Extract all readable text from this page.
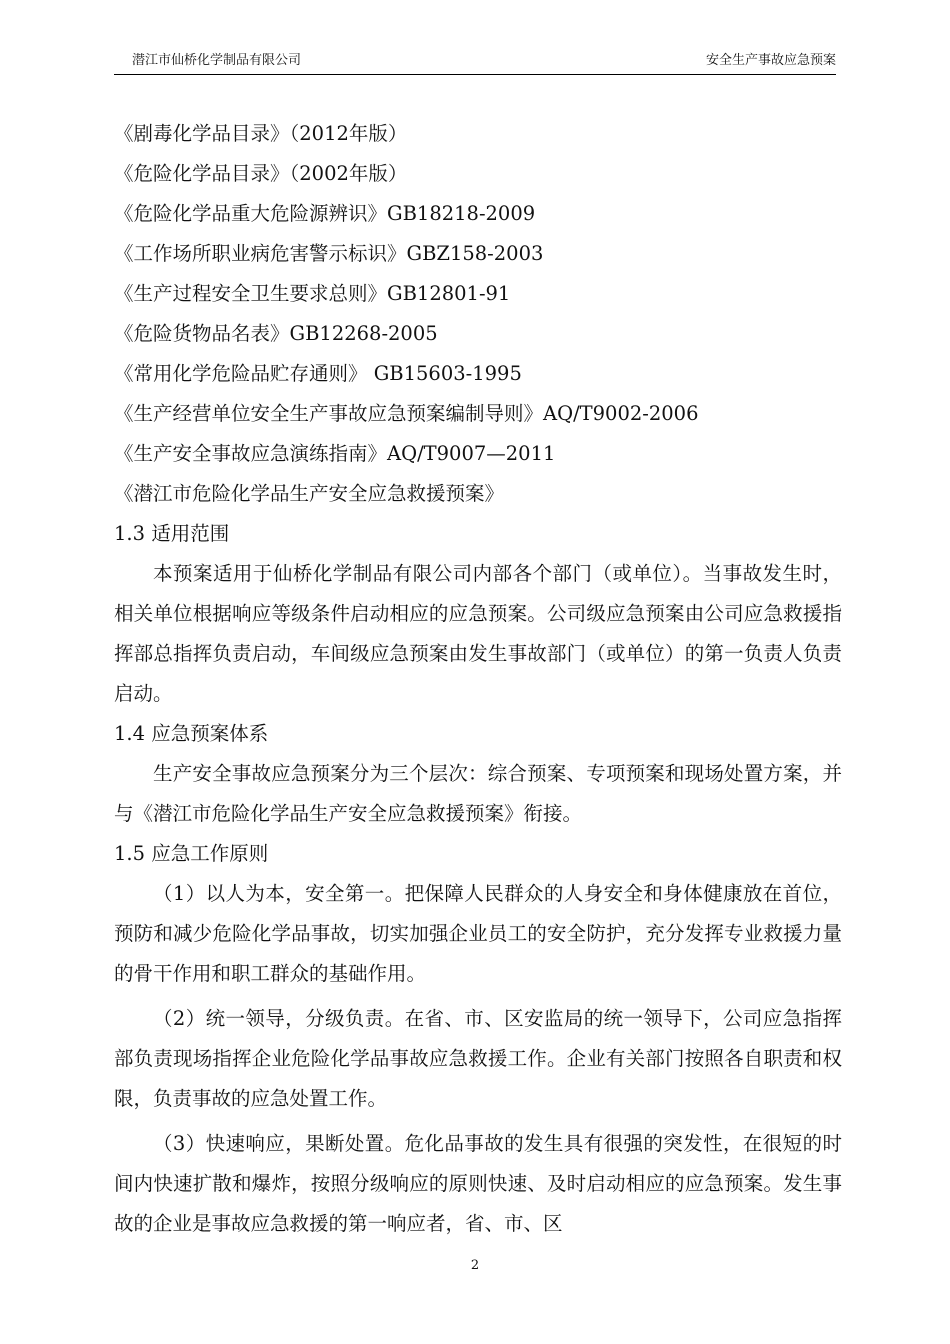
潜江市仙桥化学制品有限公司	安全生产事故应急预案
《剧毒化学品目录》（2012年版）
《危险化学品目录》（2002年版）
《危险化学品重大危险源辨识》GB18218-2009
《工作场所职业病危害警示标识》GBZ158-2003
《生产过程安全卫生要求总则》GB12801-91
《危险货物品名表》GB12268-2005
《常用化学危险品贮存通则》 GB15603-1995
《生产经营单位安全生产事故应急预案编制导则》AQ/T9002-2006
《生产安全事故应急演练指南》AQ/T9007—2011
《潜江市危险化学品生产安全应急救援预案》
1.3 适用范围

本预案适用于仙桥化学制品有限公司内部各个部门（或单位）。当事故发生时，相关单位根据响应等级条件启动相应的应急预案。公司级应急预案由公司应急救援指挥部总指挥负责启动，车间级应急预案由发生事故部门（或单位）的第一负责人负责启动。

1.4 应急预案体系

生产安全事故应急预案分为三个层次：综合预案、专项预案和现场处置方案，并与《潜江市危险化学品生产安全应急救援预案》衔接。

1.5 应急工作原则

（1）以人为本，安全第一。把保障人民群众的人身安全和身体健康放在首位，预防和减少危险化学品事故，切实加强企业员工的安全防护，充分发挥专业救援力量的骨干作用和职工群众的基础作用。

（2）统一领导，分级负责。在省、市、区安监局的统一领导下，公司应急指挥部负责现场指挥企业危险化学品事故应急救援工作。企业有关部门按照各自职责和权限，负责事故的应急处置工作。

（3）快速响应，果断处置。危化品事故的发生具有很强的突发性，在很短的时间内快速扩散和爆炸，按照分级响应的原则快速、及时启动相应的应急预案。发生事故的企业是事故应急救援的第一响应者，省、市、区

2
